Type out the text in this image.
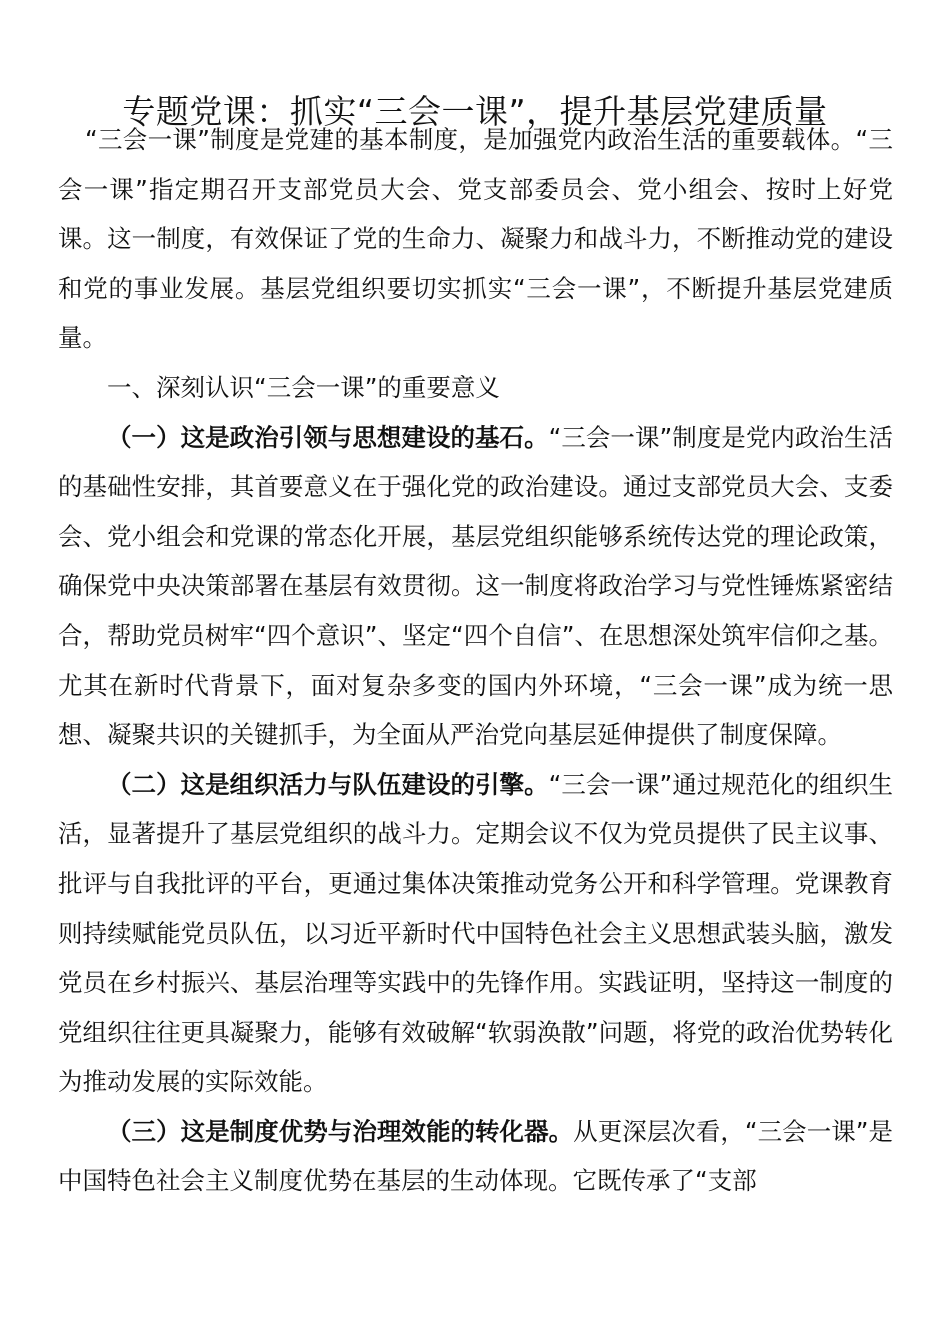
专题党课：抓实“三会一课”，提升基层党建质量

“三会一课”制度是党建的基本制度，是加强党内政治生活的重要载体。“三会一课”指定期召开支部党员大会、党支部委员会、党小组会、按时上好党课。这一制度，有效保证了党的生命力、凝聚力和战斗力，不断推动党的建设和党的事业发展。基层党组织要切实抓实“三会一课”，不断提升基层党建质量。

一、深刻认识“三会一课”的重要意义

（一）这是政治引领与思想建设的基石。“三会一课”制度是党内政治生活的基础性安排，其首要意义在于强化党的政治建设。通过支部党员大会、支委会、党小组会和党课的常态化开展，基层党组织能够系统传达党的理论政策，确保党中央决策部署在基层有效贯彻。这一制度将政治学习与党性锤炼紧密结合，帮助党员树牢“四个意识”、坚定“四个自信”、在思想深处筑牢信仰之基。尤其在新时代背景下，面对复杂多变的国内外环境，“三会一课”成为统一思想、凝聚共识的关键抓手，为全面从严治党向基层延伸提供了制度保障。

（二）这是组织活力与队伍建设的引擎。“三会一课”通过规范化的组织生活，显著提升了基层党组织的战斗力。定期会议不仅为党员提供了民主议事、批评与自我批评的平台，更通过集体决策推动党务公开和科学管理。党课教育则持续赋能党员队伍，以习近平新时代中国特色社会主义思想武装头脑，激发党员在乡村振兴、基层治理等实践中的先锋作用。实践证明，坚持这一制度的党组织往往更具凝聚力，能够有效破解“软弱涣散”问题，将党的政治优势转化为推动发展的实际效能。

（三）这是制度优势与治理效能的转化器。从更深层次看，“三会一课”是中国特色社会主义制度优势在基层的生动体现。它既传承了“支部
